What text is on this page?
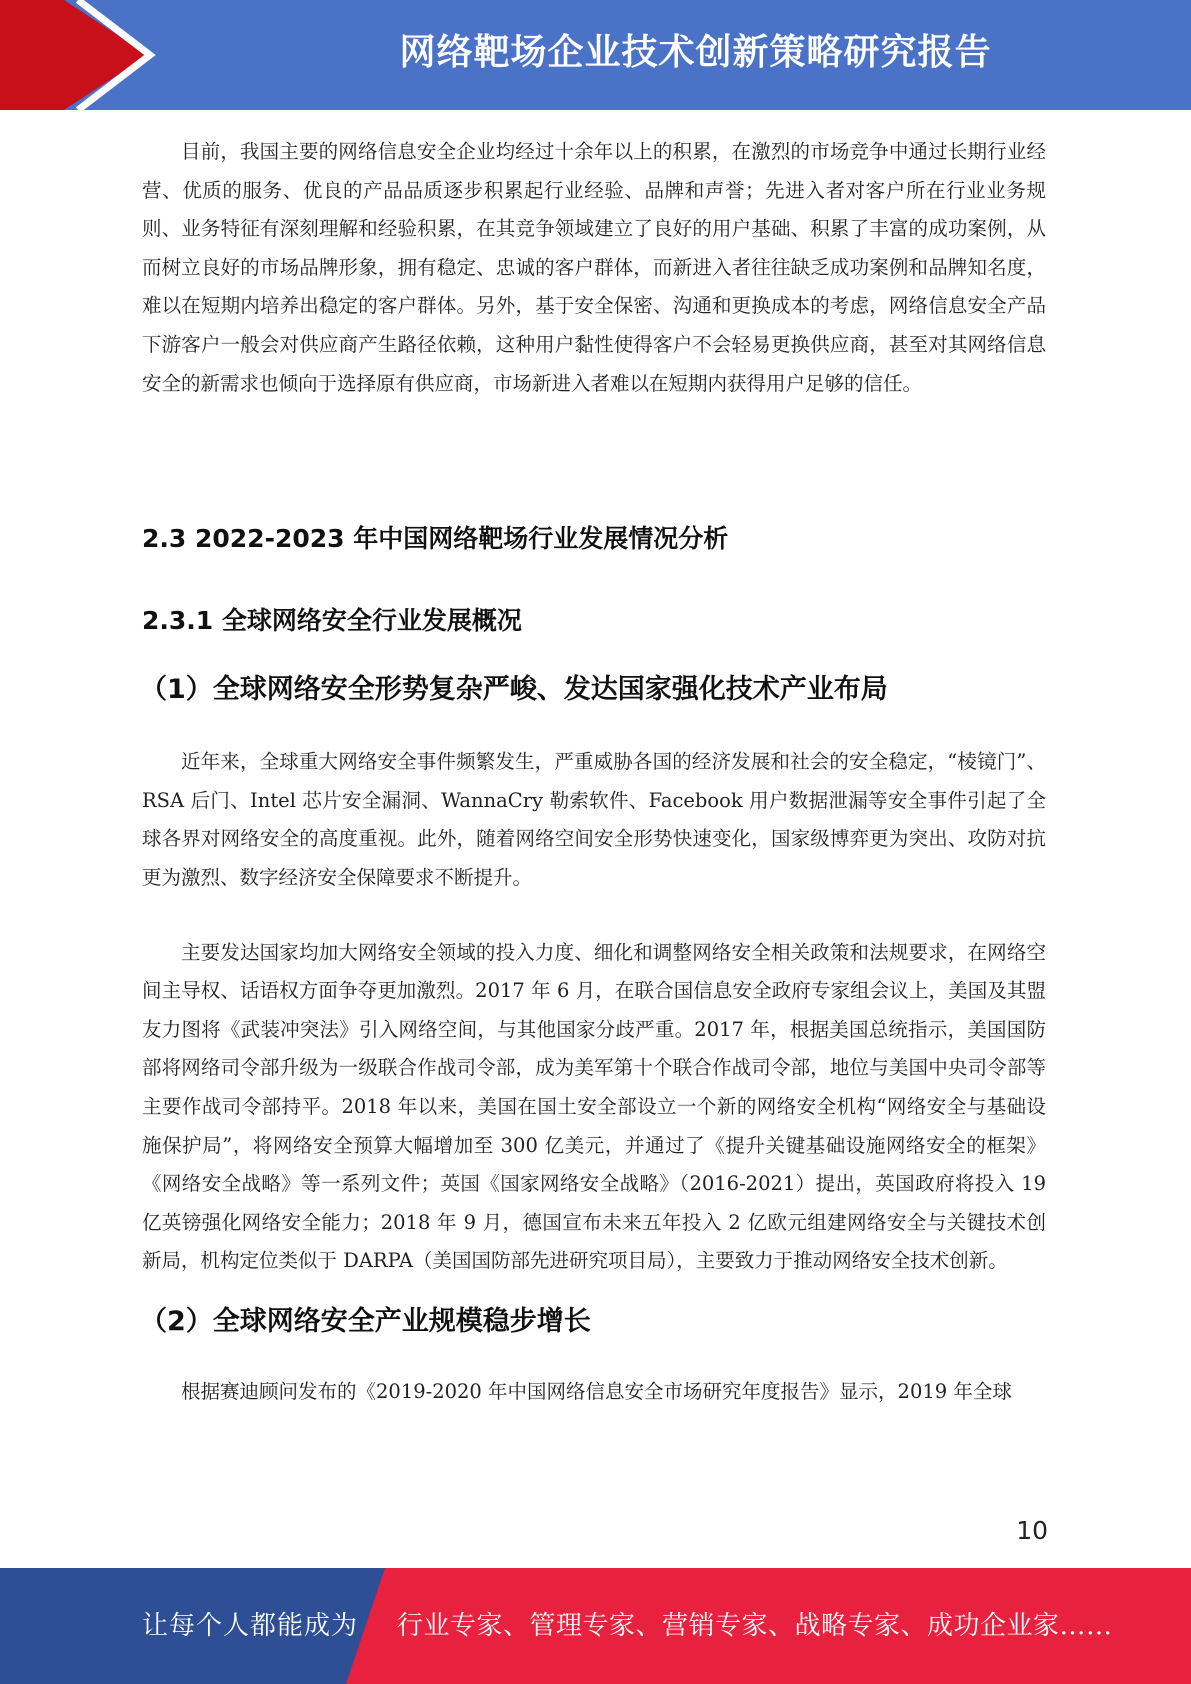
网络靶场企业技术创新策略研究报告

目前，我国主要的网络信息安全企业均经过十余年以上的积累，在激烈的市场竞争中通过长期行业经营、优质的服务、优良的产品品质逐步积累起行业经验、品牌和声誉；先进入者对客户所在行业业务规则、业务特征有深刻理解和经验积累，在其竞争领域建立了良好的用户基础、积累了丰富的成功案例，从而树立良好的市场品牌形象，拥有稳定、忠诚的客户群体，而新进入者往往缺乏成功案例和品牌知名度，难以在短期内培养出稳定的客户群体。另外，基于安全保密、沟通和更换成本的考虑，网络信息安全产品下游客户一般会对供应商产生路径依赖，这种用户黏性使得客户不会轻易更换供应商，甚至对其网络信息安全的新需求也倾向于选择原有供应商，市场新进入者难以在短期内获得用户足够的信任。

2.3 2022-2023 年中国网络靶场行业发展情况分析
2.3.1 全球网络安全行业发展概况
（1）全球网络安全形势复杂严峻、发达国家强化技术产业布局

近年来，全球重大网络安全事件频繁发生，严重威胁各国的经济发展和社会的安全稳定，“棱镜门”、RSA 后门、Intel 芯片安全漏洞、WannaCry 勒索软件、Facebook 用户数据泄漏等安全事件引起了全球各界对网络安全的高度重视。此外，随着网络空间安全形势快速变化，国家级博弈更为突出、攻防对抗更为激烈、数字经济安全保障要求不断提升。

主要发达国家均加大网络安全领域的投入力度、细化和调整网络安全相关政策和法规要求，在网络空间主导权、话语权方面争夺更加激烈。2017 年 6 月，在联合国信息安全政府专家组会议上，美国及其盟友力图将《武装冲突法》引入网络空间，与其他国家分歧严重。2017 年，根据美国总统指示，美国国防部将网络司令部升级为一级联合作战司令部，成为美军第十个联合作战司令部，地位与美国中央司令部等主要作战司令部持平。2018 年以来，美国在国土安全部设立一个新的网络安全机构“网络安全与基础设施保护局”，将网络安全预算大幅增加至 300 亿美元，并通过了《提升关键基础设施网络安全的框架》《网络安全战略》等一系列文件；英国《国家网络安全战略》（2016-2021）提出，英国政府将投入 19 亿英镑强化网络安全能力；2018 年 9 月，德国宣布未来五年投入 2 亿欧元组建网络安全与关键技术创新局，机构定位类似于 DARPA（美国国防部先进研究项目局），主要致力于推动网络安全技术创新。

（2）全球网络安全产业规模稳步增长

根据赛迪顾问发布的《2019-2020 年中国网络信息安全市场研究年度报告》显示，2019 年全球

10
让每个人都能成为 行业专家、管理专家、营销专家、战略专家、成功企业家……
